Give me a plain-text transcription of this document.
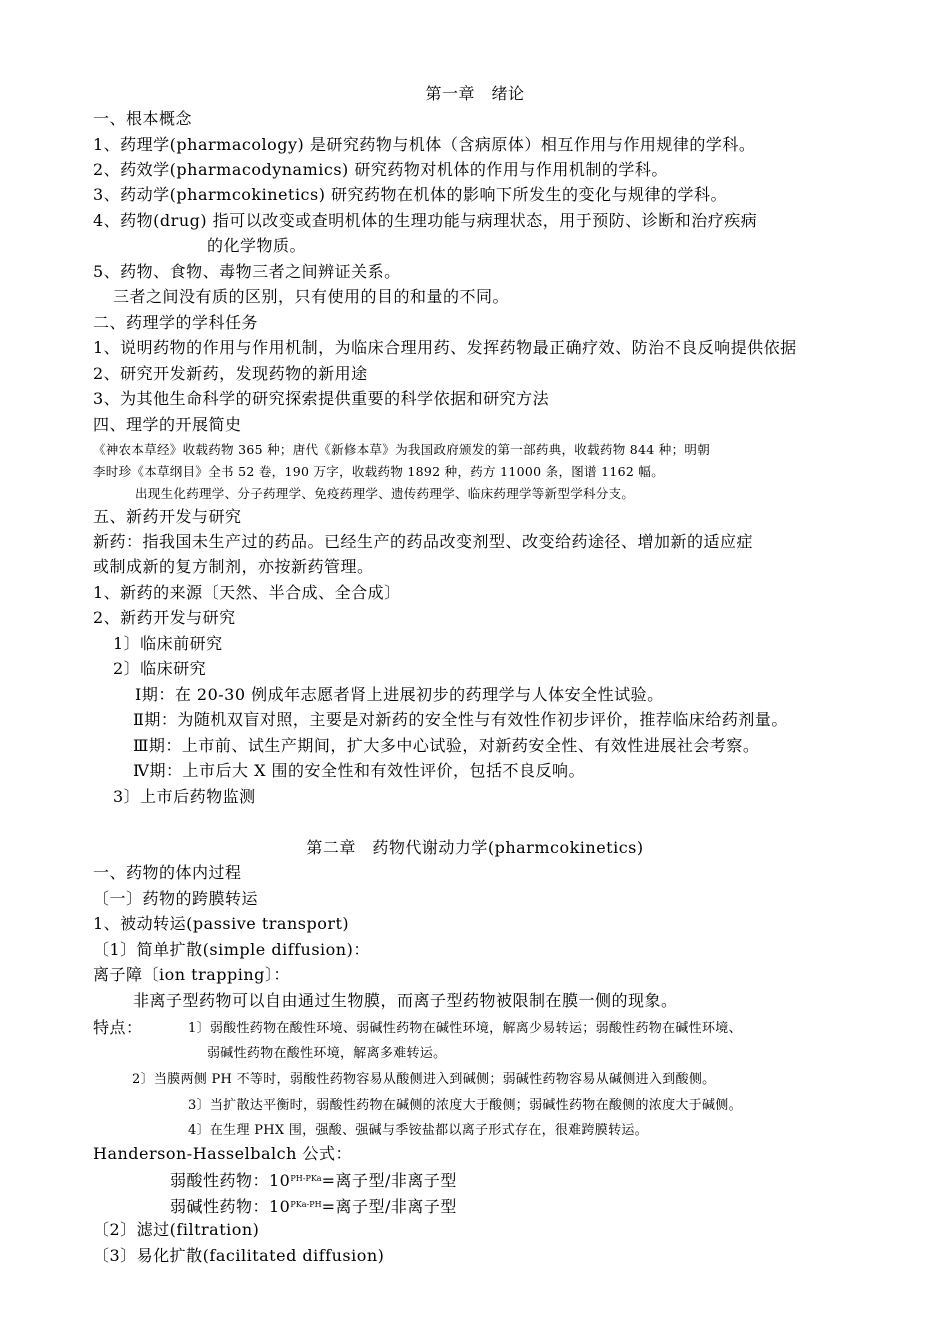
第一章　绪论
一、根本概念
1、药理学(pharmacology) 是研究药物与机体（含病原体）相互作用与作用规律的学科。
2、药效学(pharmacodynamics) 研究药物对机体的作用与作用机制的学科。
3、药动学(pharmcokinetics) 研究药物在机体的影响下所发生的变化与规律的学科。
4、药物(drug) 指可以改变或查明机体的生理功能与病理状态，用于预防、诊断和治疗疾病
的化学物质。
5、药物、食物、毒物三者之间辨证关系。
三者之间没有质的区别，只有使用的目的和量的不同。
二、药理学的学科任务
1、说明药物的作用与作用机制，为临床合理用药、发挥药物最正确疗效、防治不良反响提供依据
2、研究开发新药，发现药物的新用途
3、为其他生命科学的研究探索提供重要的科学依据和研究方法
四、理学的开展简史
《神农本草经》收载药物 365 种；唐代《新修本草》为我国政府颁发的第一部药典，收载药物 844 种；明朝
李时珍《本草纲目》全书 52 卷，190 万字，收载药物 1892 种，药方 11000 条，图谱 1162 幅。
出现生化药理学、分子药理学、免疫药理学、遗传药理学、临床药理学等新型学科分支。
五、新药开发与研究
新药：指我国未生产过的药品。已经生产的药品改变剂型、改变给药途径、增加新的适应症
或制成新的复方制剂，亦按新药管理。
1、新药的来源〔天然、半合成、全合成〕
2、新药开发与研究
1〕临床前研究
2〕临床研究
Ⅰ期：在 20-30 例成年志愿者肾上进展初步的药理学与人体安全性试验。
Ⅱ期：为随机双盲对照，主要是对新药的安全性与有效性作初步评价，推荐临床给药剂量。
Ⅲ期：上市前、试生产期间，扩大多中心试验，对新药安全性、有效性进展社会考察。
Ⅳ期：上市后大 X 围的安全性和有效性评价，包括不良反响。
3〕上市后药物监测
第二章　药物代谢动力学(pharmcokinetics)
一、药物的体内过程
〔一〕药物的跨膜转运
1、被动转运(passive transport)
〔1〕简单扩散(simple diffusion)：
离子障〔ion trapping〕：
非离子型药物可以自由通过生物膜，而离子型药物被限制在膜一侧的现象。
特点：	1〕弱酸性药物在酸性环境、弱碱性药物在碱性环境，解离少易转运；弱酸性药物在碱性环境、
弱碱性药物在酸性环境，解离多难转运。
2〕当膜两侧 PH 不等时，弱酸性药物容易从酸侧进入到碱侧；弱碱性药物容易从碱侧进入到酸侧。
3〕当扩散达平衡时，弱酸性药物在碱侧的浓度大于酸侧；弱碱性药物在酸侧的浓度大于碱侧。
4〕在生理 PHX 围，强酸、强碱与季铵盐都以离子形式存在，很难跨膜转运。
Handerson-Hasselbalch 公式：
弱酸性药物：$10^{PH-PKa}=$离子型/非离子型
弱碱性药物：$10^{PKa-PH}=$离子型/非离子型
〔2〕滤过(filtration)
〔3〕易化扩散(facilitated diffusion)
